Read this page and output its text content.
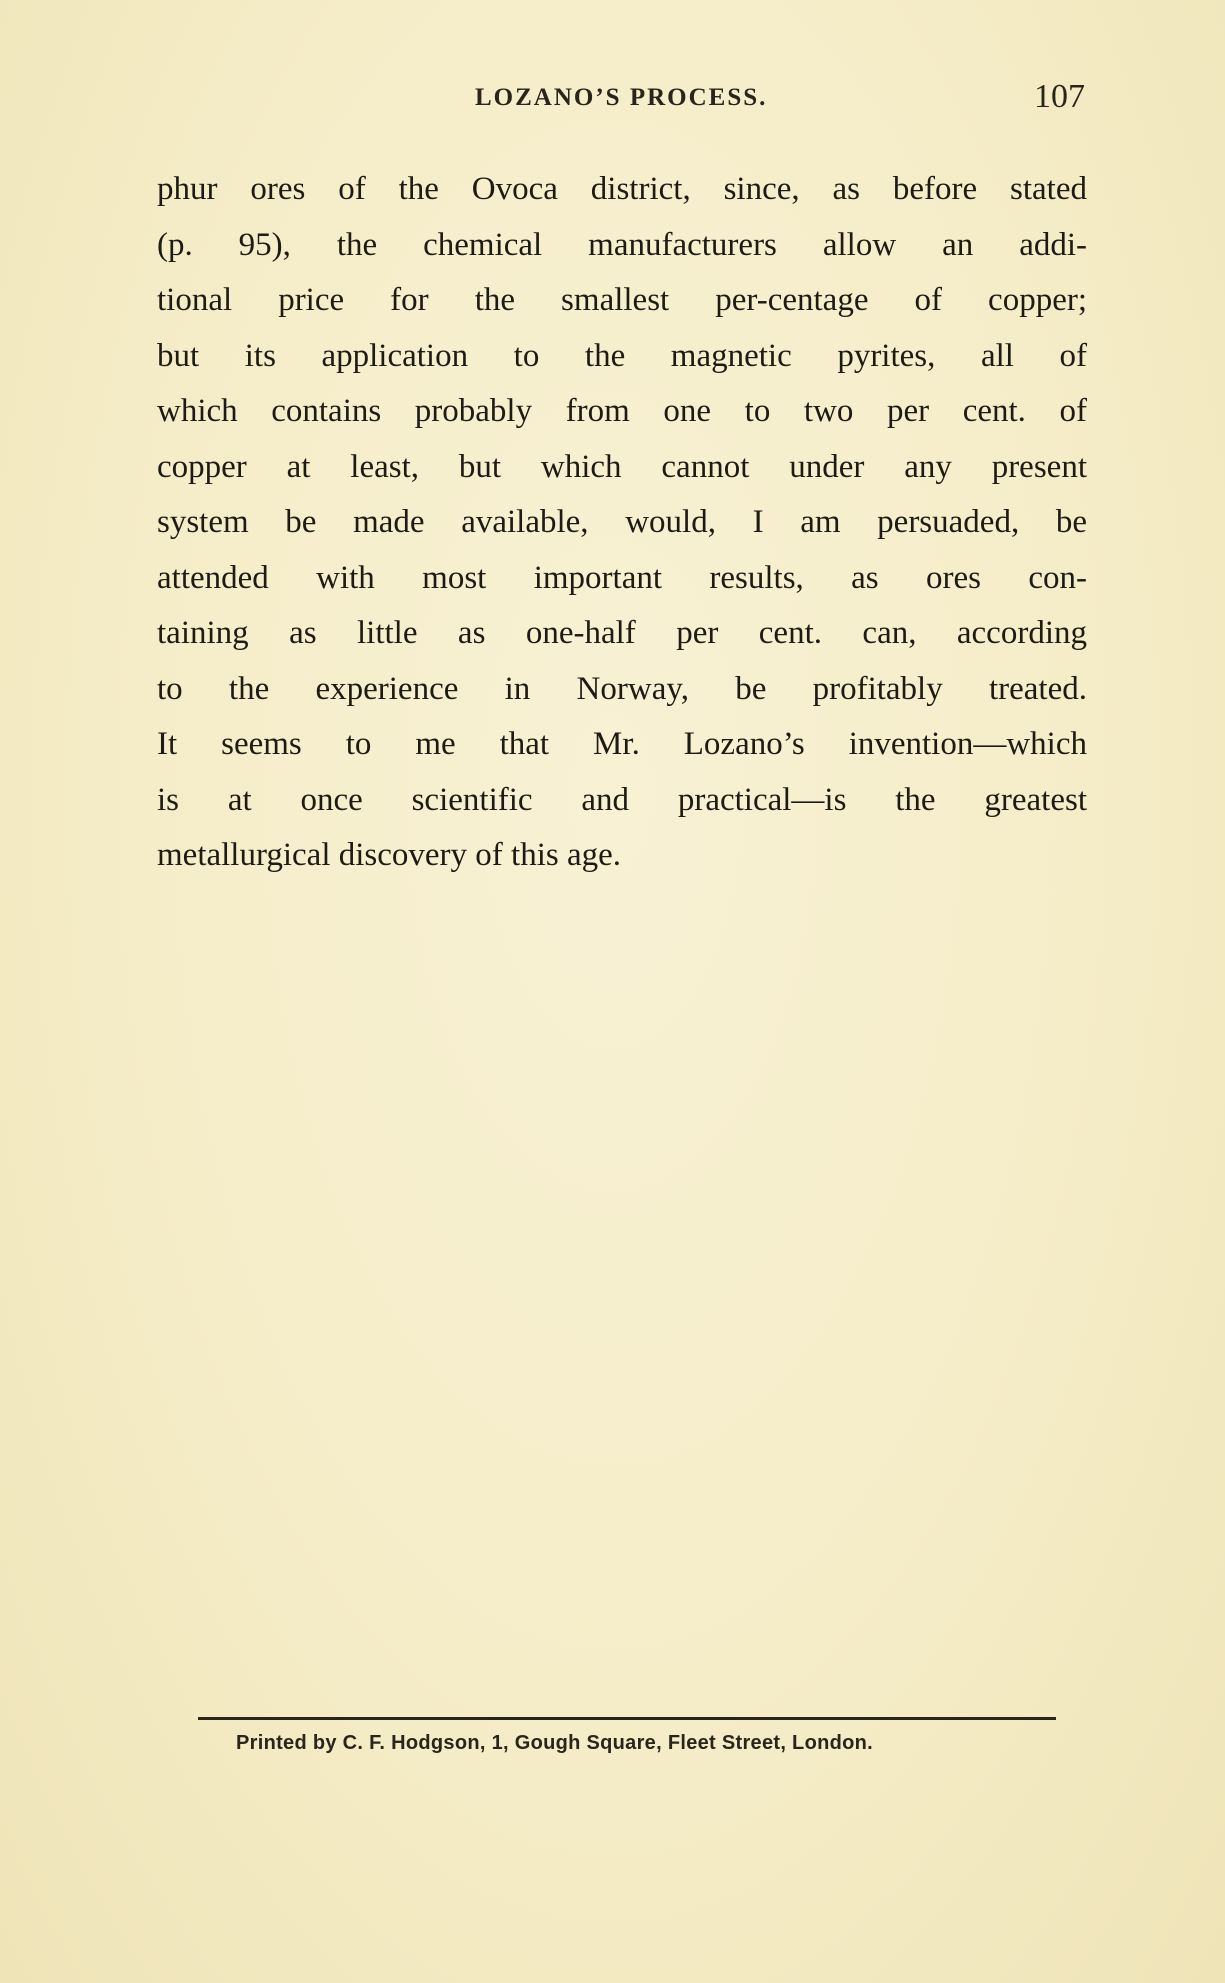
LOZANO’S PROCESS.	107
phur ores of the Ovoca district, since, as before stated
(p. 95), the chemical manufacturers allow an addi-
tional price for the smallest per-centage of copper;
but its application to the magnetic pyrites, all of
which contains probably from one to two per cent. of
copper at least, but which cannot under any present
system be made available, would, I am persuaded, be
attended with most important results, as ores con-
taining as little as one-half per cent. can, according
to the experience in Norway, be profitably treated.
It seems to me that Mr. Lozano’s invention—which
is at once scientific and practical—is the greatest
metallurgical discovery of this age.
Printed by C. F. Hodgson, 1, Gough Square, Fleet Street, London.
